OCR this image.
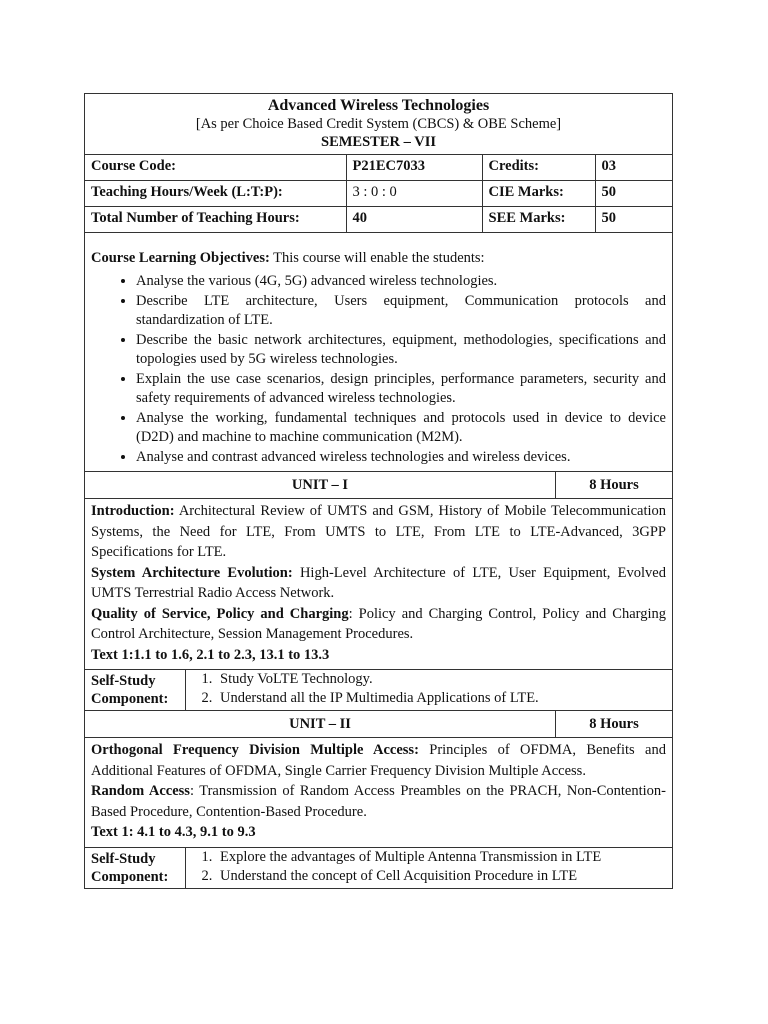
Advanced Wireless Technologies
[As per Choice Based Credit System (CBCS) & OBE Scheme]
SEMESTER – VII
Course Code:	P21EC7033	Credits:	03
Teaching Hours/Week (L:T:P):	3 : 0 : 0	CIE Marks:	50
Total Number of Teaching Hours:	40	SEE Marks:	50
Course Learning Objectives: This course will enable the students:
• Analyse the various (4G, 5G) advanced wireless technologies.
• Describe LTE architecture, Users equipment, Communication protocols and standardization of LTE.
• Describe the basic network architectures, equipment, methodologies, specifications and topologies used by 5G wireless technologies.
• Explain the use case scenarios, design principles, performance parameters, security and safety requirements of advanced wireless technologies.
• Analyse the working, fundamental techniques and protocols used in device to device (D2D) and machine to machine communication (M2M).
• Analyse and contrast advanced wireless technologies and wireless devices.
UNIT – I	8 Hours

Introduction: Architectural Review of UMTS and GSM, History of Mobile Telecommunication Systems, the Need for LTE, From UMTS to LTE, From LTE to LTE-Advanced, 3GPP Specifications for LTE.

System Architecture Evolution: High-Level Architecture of LTE, User Equipment, Evolved UMTS Terrestrial Radio Access Network.

Quality of Service, Policy and Charging: Policy and Charging Control, Policy and Charging Control Architecture, Session Management Procedures.

Text 1:1.1 to 1.6, 2.1 to 2.3, 13.1 to 13.3

Self-Study Component:
1. Study VoLTE Technology.
2. Understand all the IP Multimedia Applications of LTE.
UNIT – II	8 Hours

Orthogonal Frequency Division Multiple Access: Principles of OFDMA, Benefits and Additional Features of OFDMA, Single Carrier Frequency Division Multiple Access.

Random Access: Transmission of Random Access Preambles on the PRACH, Non-Contention-Based Procedure, Contention-Based Procedure.

Text 1: 4.1 to 4.3, 9.1 to 9.3

Self-Study Component:
1. Explore the advantages of Multiple Antenna Transmission in LTE
2. Understand the concept of Cell Acquisition Procedure in LTE
